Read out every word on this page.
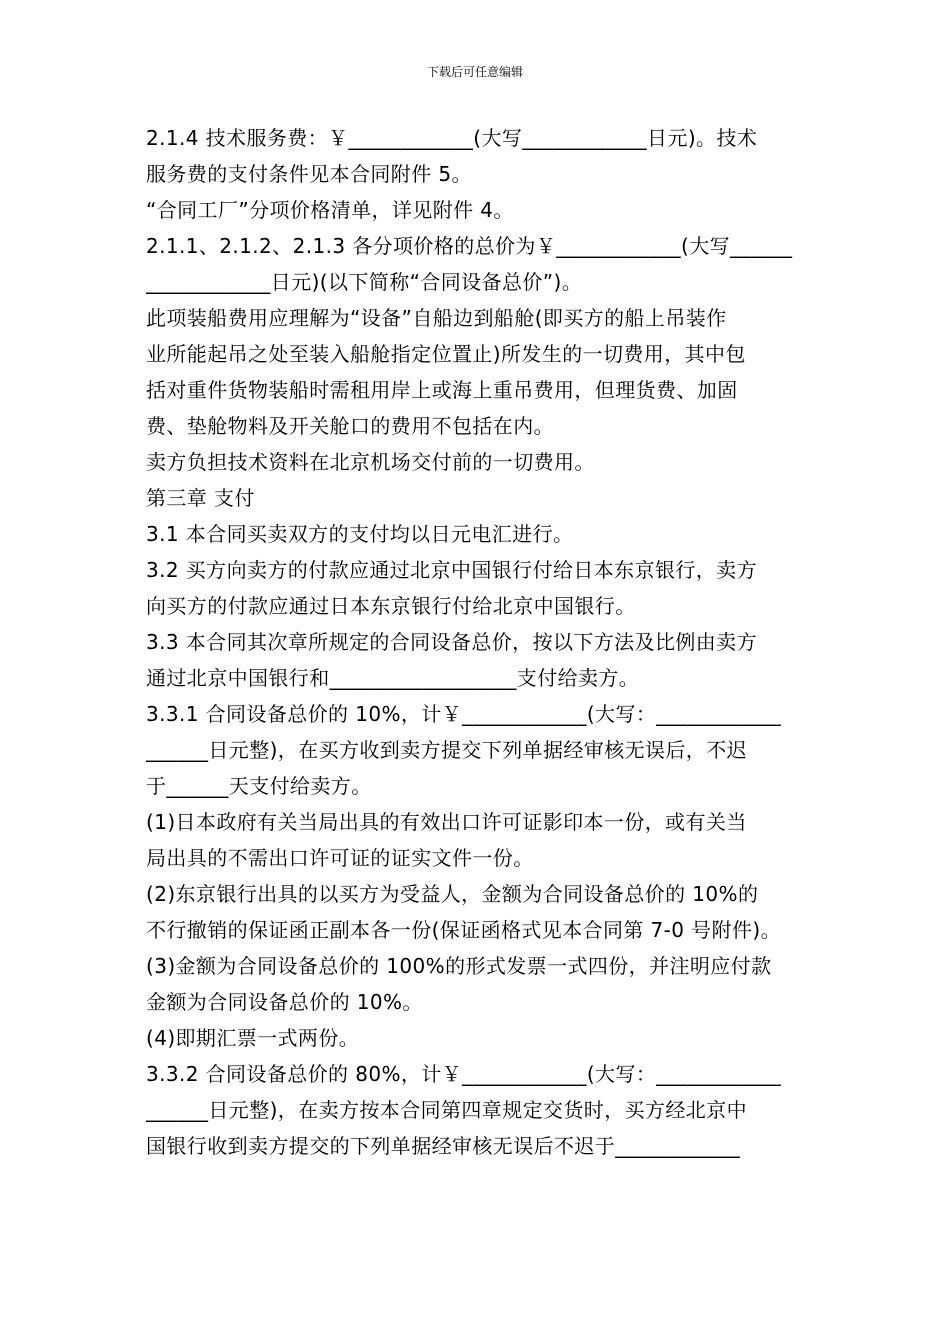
下载后可任意编辑
2.1.4 技术服务费：￥____________(大写____________日元)。技术
服务费的支付条件见本合同附件 5。
“合同工厂”分项价格清单，详见附件 4。
2.1.1、2.1.2、2.1.3 各分项价格的总价为￥____________(大写______
____________日元)(以下简称“合同设备总价”)。
此项装船费用应理解为“设备”自船边到船舱(即买方的船上吊装作
业所能起吊之处至装入船舱指定位置止)所发生的一切费用，其中包
括对重件货物装船时需租用岸上或海上重吊费用，但理货费、加固
费、垫舱物料及开关舱口的费用不包括在内。
卖方负担技术资料在北京机场交付前的一切费用。
第三章 支付
3.1 本合同买卖双方的支付均以日元电汇进行。
3.2 买方向卖方的付款应通过北京中国银行付给日本东京银行，卖方
向买方的付款应通过日本东京银行付给北京中国银行。
3.3 本合同其次章所规定的合同设备总价，按以下方法及比例由卖方
通过北京中国银行和__________________支付给卖方。
3.3.1 合同设备总价的 10%，计￥____________(大写：____________
______日元整)，在买方收到卖方提交下列单据经审核无误后，不迟
于______天支付给卖方。
(1)日本政府有关当局出具的有效出口许可证影印本一份，或有关当
局出具的不需出口许可证的证实文件一份。
(2)东京银行出具的以买方为受益人，金额为合同设备总价的 10%的
不行撤销的保证函正副本各一份(保证函格式见本合同第 7-0 号附件)。
(3)金额为合同设备总价的 100%的形式发票一式四份，并注明应付款
金额为合同设备总价的 10%。
(4)即期汇票一式两份。
3.3.2 合同设备总价的 80%，计￥____________(大写：____________
______日元整)，在卖方按本合同第四章规定交货时，买方经北京中
国银行收到卖方提交的下列单据经审核无误后不迟于____________
